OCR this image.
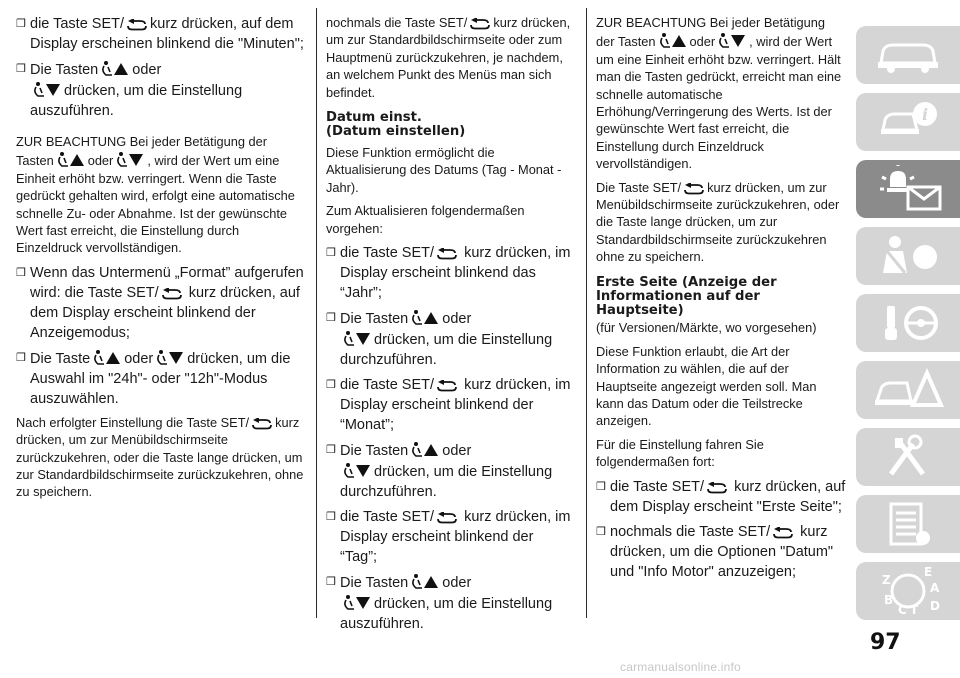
❒ die Taste SET/ kurz drücken, auf dem Display erscheinen blinkend die "Minuten";
❒ Die Tasten oder
drücken, um die Einstellung auszuführen.
ZUR BEACHTUNG Bei jeder Betätigung der Tasten	oder	, wird der Wert um eine Einheit erhöht bzw. verringert. Wenn die Taste gedrückt gehalten wird, erfolgt eine automatische schnelle Zu- oder Abnahme. Ist der gewünschte Wert fast erreicht, die Einstellung durch Einzeldruck vervollständigen.
❒ Wenn das Untermenü „Format” aufgerufen wird: die Taste SET/ kurz drücken, auf dem Display erscheint blinkend der Anzeigemodus;
❒ Die Taste oder drücken, um die Auswahl im "24h"- oder "12h"-Modus auszuwählen.
Nach erfolgter Einstellung die Taste SET/ kurz drücken, um zur Menübildschirmseite zurückzukehren, oder die Taste lange drücken, um zur Standardbildschirmseite zurückzukehren, ohne zu speichern.
nochmals die Taste SET/ kurz drücken, um zur Standardbildschirmseite oder zum Hauptmenü zurückzukehren, je nachdem, an welchem Punkt des Menüs man sich befindet.
Datum einst.
(Datum einstellen)
Diese Funktion ermöglicht die Aktualisierung des Datums (Tag - Monat - Jahr).
Zum Aktualisieren folgendermaßen vorgehen:
❒ die Taste SET/ kurz drücken, im Display erscheint blinkend das “Jahr”;
❒ Die Tasten oder
drücken, um die Einstellung durchzuführen.
❒ die Taste SET/ kurz drücken, im Display erscheint blinkend der “Monat”;
❒ Die Tasten oder
drücken, um die Einstellung durchzuführen.
❒ die Taste SET/ kurz drücken, im Display erscheint blinkend der “Tag”;
❒ Die Tasten oder
drücken, um die Einstellung auszuführen.
ZUR BEACHTUNG Bei jeder Betätigung der Tasten	oder	, wird der Wert um eine Einheit erhöht bzw. verringert. Hält man die Tasten gedrückt, erreicht man eine schnelle automatische Erhöhung/Verringerung des Werts. Ist der gewünschte Wert fast erreicht, die Einstellung durch Einzeldruck vervollständigen.
Die Taste SET/ kurz drücken, um zur Menübildschirmseite zurückzukehren, oder die Taste lange drücken, um zur Standardbildschirmseite zurückzukehren ohne zu speichern.
Erste Seite (Anzeige der
Informationen auf der
Hauptseite)
(für Versionen/Märkte, wo vorgesehen)
Diese Funktion erlaubt, die Art der Information zu wählen, die auf der Hauptseite angezeigt werden soll. Man kann das Datum oder die Teilstrecke anzeigen.
Für die Einstellung fahren Sie folgendermaßen fort:
❒ die Taste SET/ kurz drücken, auf dem Display erscheint "Erste Seite";
❒ nochmals die Taste SET/ kurz drücken, um die Optionen "Datum" und "Info Motor" anzuzeigen;
i
Z
E
A
B
C T D
97
carmanualsonline.info
